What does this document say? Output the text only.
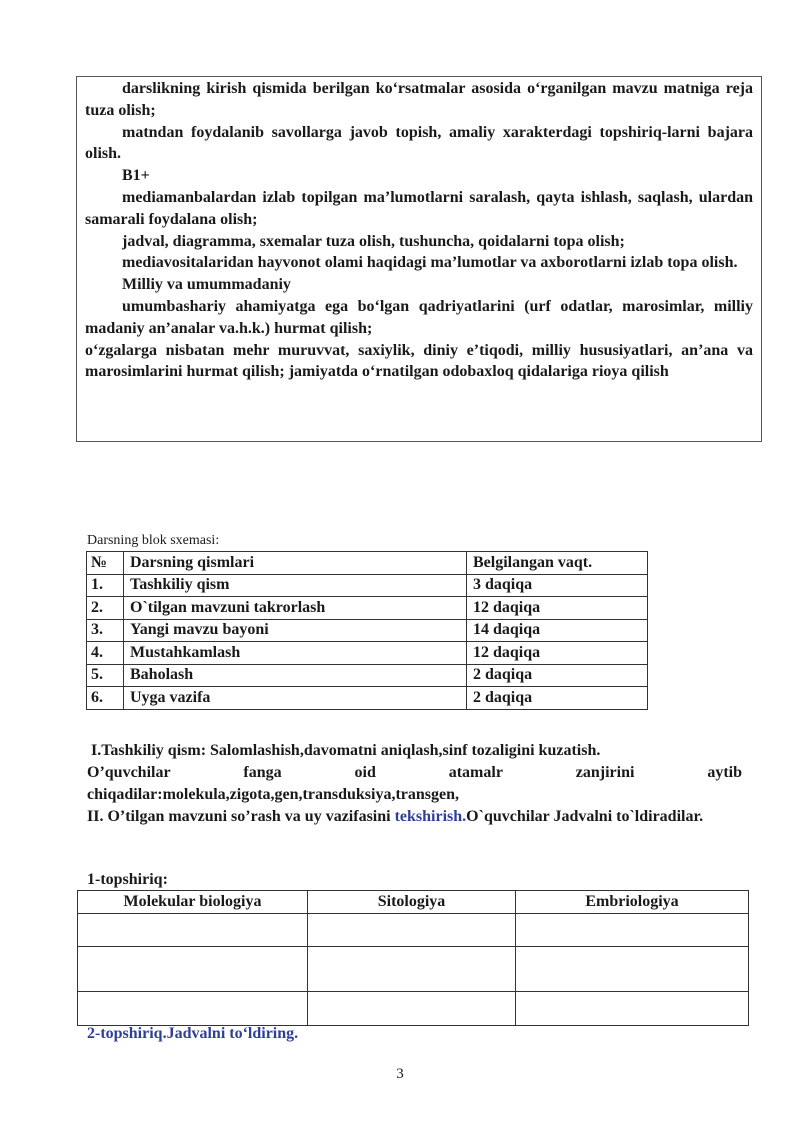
darslikning kirish qismida berilgan ko‘rsatmalar asosida o‘rganilgan mavzu matniga reja tuza olish;

matndan foydalanib savollarga javob topish, amaliy xarakterdagi topshiriq-larni bajara olish.

B1+

mediamanbalardan izlab topilgan ma’lumotlarni saralash, qayta ishlash, saqlash, ulardan samarali foydalana olish;

jadval, diagramma, sxemalar tuza olish, tushuncha, qoidalarni topa olish;

mediavositalaridan hayvonot olami haqidagi ma’lumotlar va axborotlarni izlab topa olish.

Milliy va umummadaniy

umumbashariy ahamiyatga ega bo‘lgan qadriyatlarini (urf odatlar, marosimlar, milliy madaniy an’analar va.h.k.) hurmat qilish;

o‘zgalarga nisbatan mehr muruvvat, saxiylik, diniy e’tiqodi, milliy hususiyatlari, an’ana va marosimlarini hurmat qilish; jamiyatda o‘rnatilgan odobaxloq qidalariga rioya qilish

Darsning blok sxemasi:
№	Darsning qismlari	Belgilangan vaqt.
1.	Tashkiliy qism	3 daqiqa
2.	O`tilgan mavzuni takrorlash	12 daqiqa
3.	Yangi mavzu bayoni	14 daqiqa
4.	Mustahkamlash	12 daqiqa
5.	Baholash	2 daqiqa
6.	Uyga vazifa	2 daqiqa

I.Tashkiliy qism: Salomlashish,davomatni aniqlash,sinf tozaligini kuzatish.

O’quvchilar	fanga	oid	atamalr	zanjirini	aytib

chiqadilar:molekula,zigota,gen,transduksiya,transgen,

II. O’tilgan mavzuni so’rash va uy vazifasini tekshirish.O`quvchilar Jadvalni to`ldiradilar.

1-topshiriq:

Molekular biologiya	Sitologiya	Embriologiya

2-topshiriq.Jadvalni to‘ldiring.

3
